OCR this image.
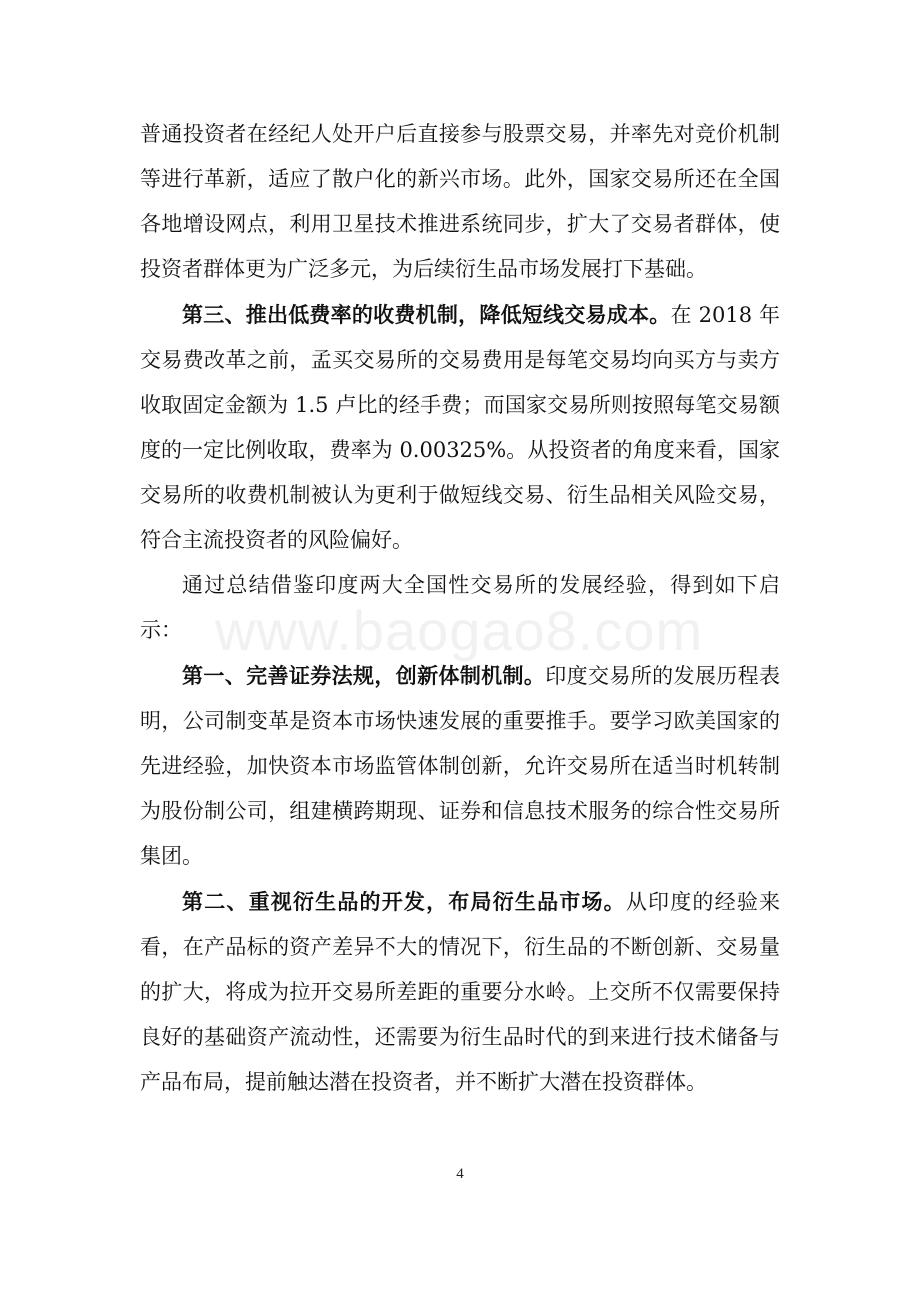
www.baogao8.com

普通投资者在经纪人处开户后直接参与股票交易，并率先对竞价机制等进行革新，适应了散户化的新兴市场。此外，国家交易所还在全国各地增设网点，利用卫星技术推进系统同步，扩大了交易者群体，使投资者群体更为广泛多元，为后续衍生品市场发展打下基础。

第三、推出低费率的收费机制，降低短线交易成本。在 2018 年交易费改革之前，孟买交易所的交易费用是每笔交易均向买方与卖方收取固定金额为 1.5 卢比的经手费；而国家交易所则按照每笔交易额度的一定比例收取，费率为 0.00325%。从投资者的角度来看，国家交易所的收费机制被认为更利于做短线交易、衍生品相关风险交易，符合主流投资者的风险偏好。

通过总结借鉴印度两大全国性交易所的发展经验，得到如下启示：

第一、完善证券法规，创新体制机制。印度交易所的发展历程表明，公司制变革是资本市场快速发展的重要推手。要学习欧美国家的先进经验，加快资本市场监管体制创新，允许交易所在适当时机转制为股份制公司，组建横跨期现、证券和信息技术服务的综合性交易所集团。

第二、重视衍生品的开发，布局衍生品市场。从印度的经验来看，在产品标的资产差异不大的情况下，衍生品的不断创新、交易量的扩大，将成为拉开交易所差距的重要分水岭。上交所不仅需要保持良好的基础资产流动性，还需要为衍生品时代的到来进行技术储备与产品布局，提前触达潜在投资者，并不断扩大潜在投资群体。

4
